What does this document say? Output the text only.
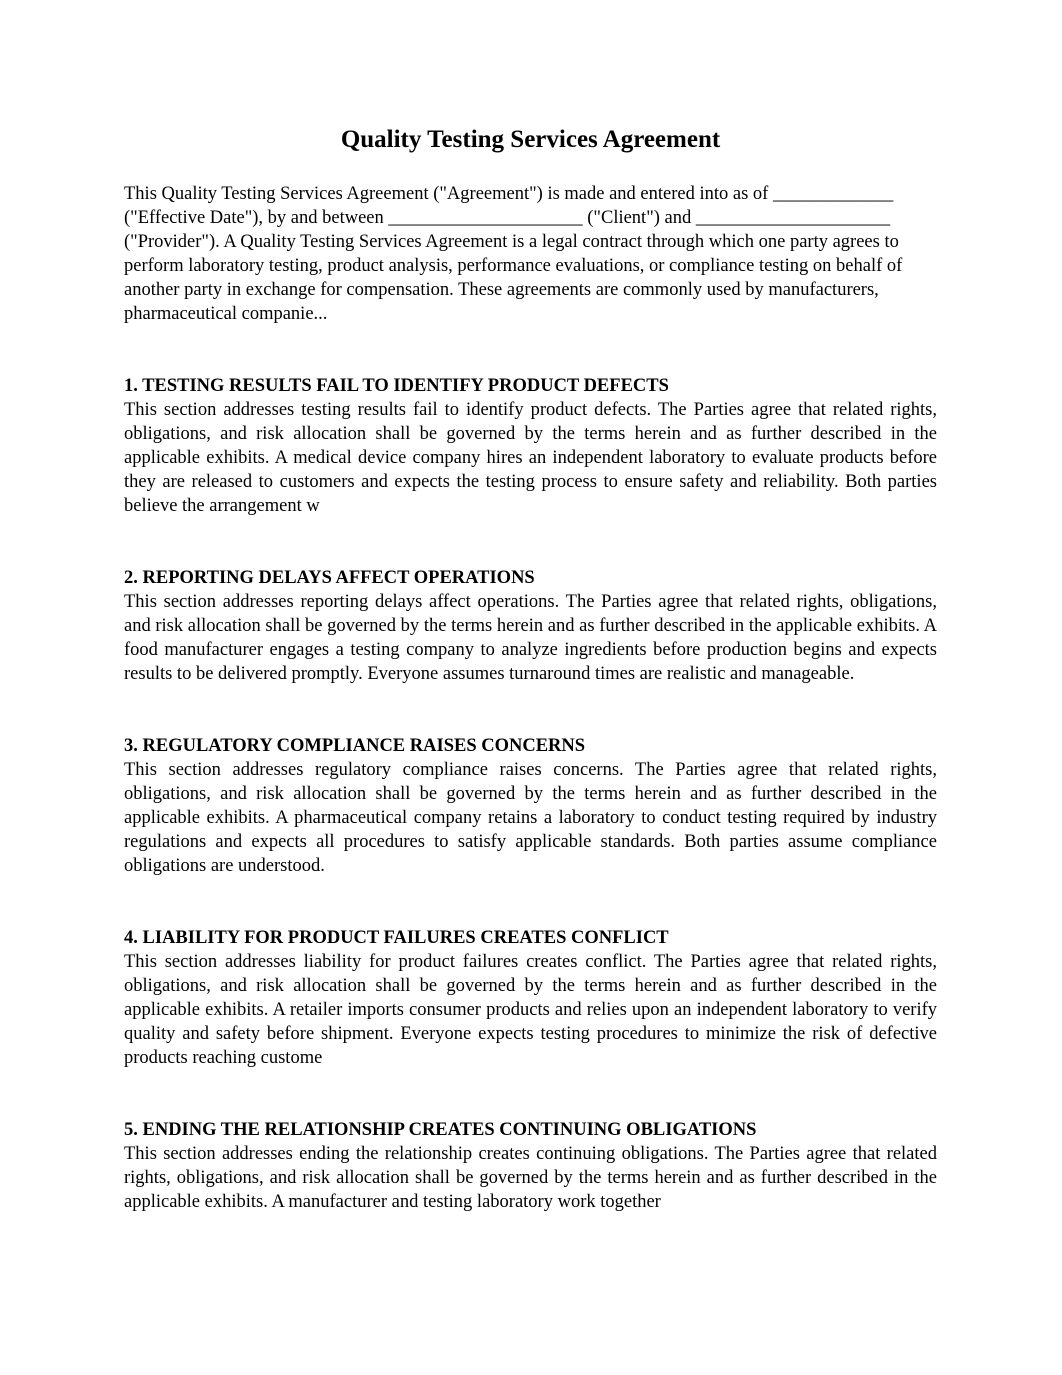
Quality Testing Services Agreement

This Quality Testing Services Agreement ("Agreement") is made and entered into as of _____________ ("Effective Date"), by and between _____________________ ("Client") and _____________________ ("Provider"). A Quality Testing Services Agreement is a legal contract through which one party agrees to perform laboratory testing, product analysis, performance evaluations, or compliance testing on behalf of another party in exchange for compensation. These agreements are commonly used by manufacturers, pharmaceutical companie...

1. TESTING RESULTS FAIL TO IDENTIFY PRODUCT DEFECTS

This section addresses testing results fail to identify product defects. The Parties agree that related rights, obligations, and risk allocation shall be governed by the terms herein and as further described in the applicable exhibits. A medical device company hires an independent laboratory to evaluate products before they are released to customers and expects the testing process to ensure safety and reliability. Both parties believe the arrangement w

2. REPORTING DELAYS AFFECT OPERATIONS

This section addresses reporting delays affect operations. The Parties agree that related rights, obligations, and risk allocation shall be governed by the terms herein and as further described in the applicable exhibits. A food manufacturer engages a testing company to analyze ingredients before production begins and expects results to be delivered promptly. Everyone assumes turnaround times are realistic and manageable.

3. REGULATORY COMPLIANCE RAISES CONCERNS

This section addresses regulatory compliance raises concerns. The Parties agree that related rights, obligations, and risk allocation shall be governed by the terms herein and as further described in the applicable exhibits. A pharmaceutical company retains a laboratory to conduct testing required by industry regulations and expects all procedures to satisfy applicable standards. Both parties assume compliance obligations are understood.

4. LIABILITY FOR PRODUCT FAILURES CREATES CONFLICT

This section addresses liability for product failures creates conflict. The Parties agree that related rights, obligations, and risk allocation shall be governed by the terms herein and as further described in the applicable exhibits. A retailer imports consumer products and relies upon an independent laboratory to verify quality and safety before shipment. Everyone expects testing procedures to minimize the risk of defective products reaching custome

5. ENDING THE RELATIONSHIP CREATES CONTINUING OBLIGATIONS

This section addresses ending the relationship creates continuing obligations. The Parties agree that related rights, obligations, and risk allocation shall be governed by the terms herein and as further described in the applicable exhibits. A manufacturer and testing laboratory work together
